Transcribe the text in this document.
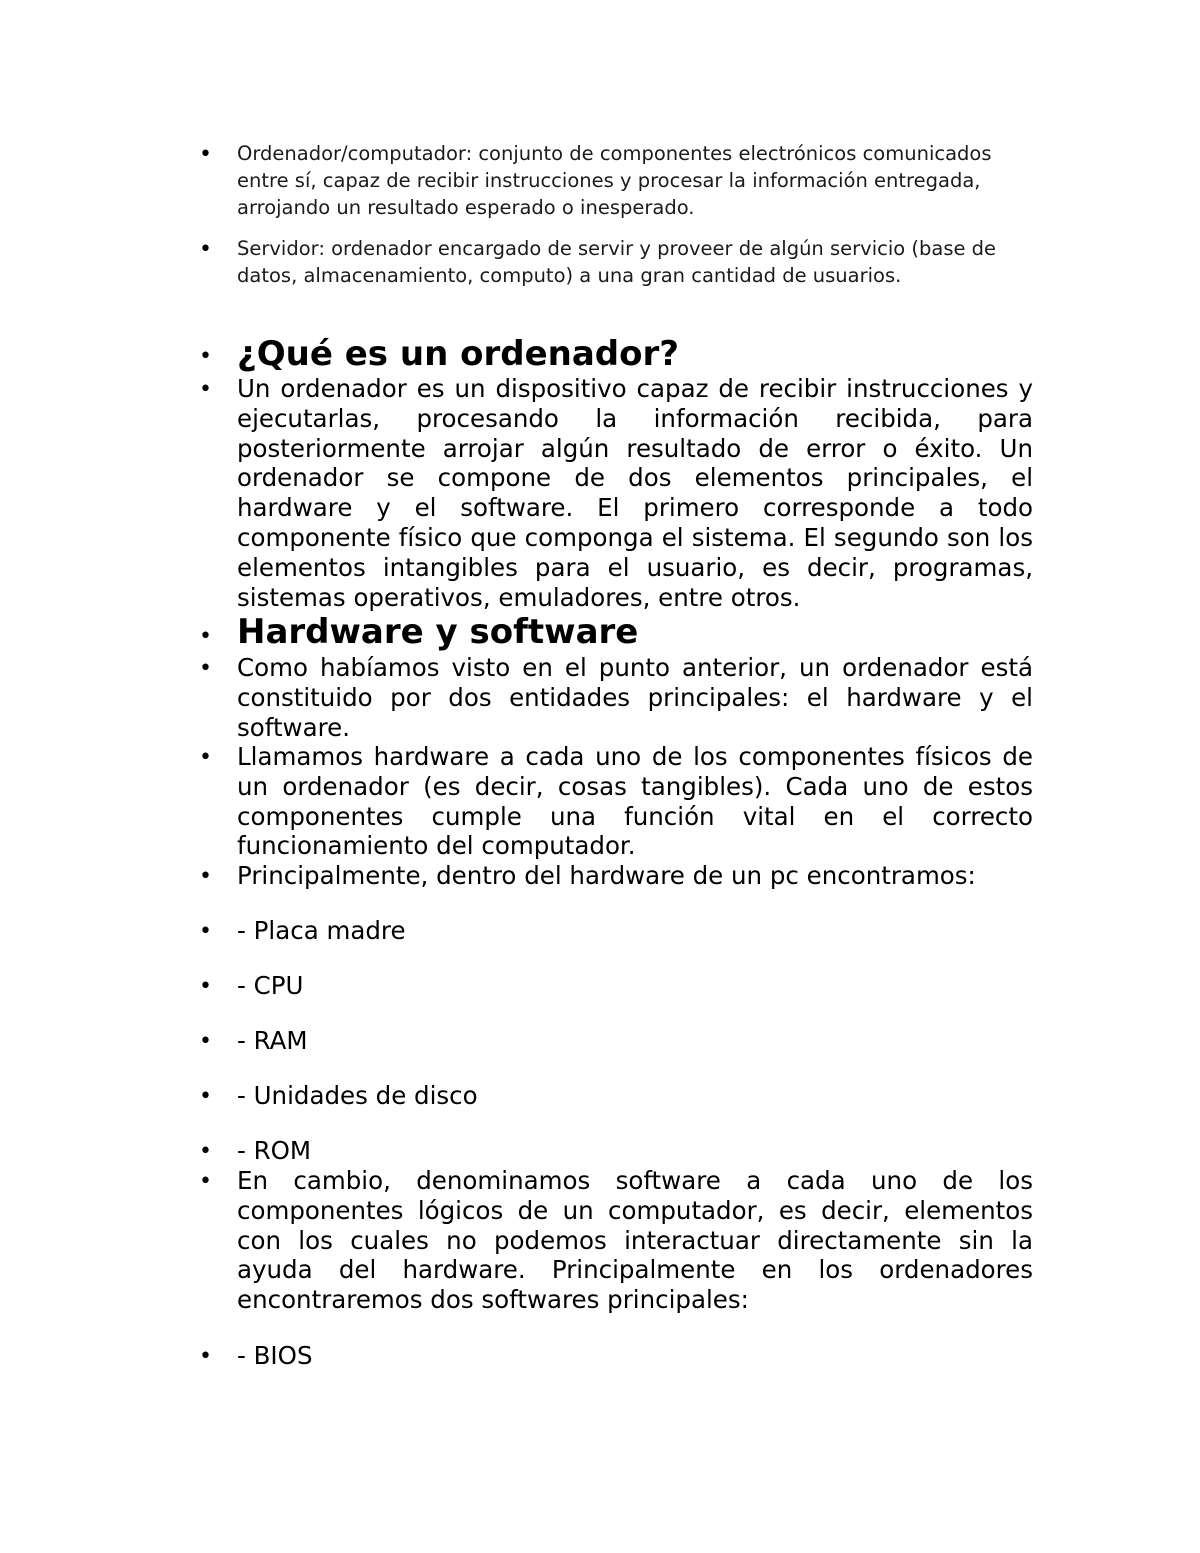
•
Ordenador/computador: conjunto de componentes electrónicos comunicados entre sí, capaz de recibir instrucciones y procesar la información entregada, arrojando un resultado esperado o inesperado.
•
Servidor: ordenador encargado de servir y proveer de algún servicio (base de datos, almacenamiento, computo) a una gran cantidad de usuarios.
•
¿Qué es un ordenador?
•
Un ordenador es un dispositivo capaz de recibir instrucciones y ejecutarlas, procesando la información recibida, para posteriormente arrojar algún resultado de error o éxito. Un ordenador se compone de dos elementos principales, el hardware y el software. El primero corresponde a todo componente físico que componga el sistema. El segundo son los elementos intangibles para el usuario, es decir, programas, sistemas operativos, emuladores, entre otros.
•
Hardware y software
•
Como habíamos visto en el punto anterior, un ordenador está constituido por dos entidades principales: el hardware y el software.
•
Llamamos hardware a cada uno de los componentes físicos de un ordenador (es decir, cosas tangibles). Cada uno de estos componentes cumple una función vital en el correcto funcionamiento del computador.
•
Principalmente, dentro del hardware de un pc encontramos:
•
- Placa madre
•
- CPU
•
- RAM
•
- Unidades de disco
•
- ROM
•
En cambio, denominamos software a cada uno de los componentes lógicos de un computador, es decir, elementos con los cuales no podemos interactuar directamente sin la ayuda del hardware. Principalmente en los ordenadores encontraremos dos softwares principales:
•
- BIOS
